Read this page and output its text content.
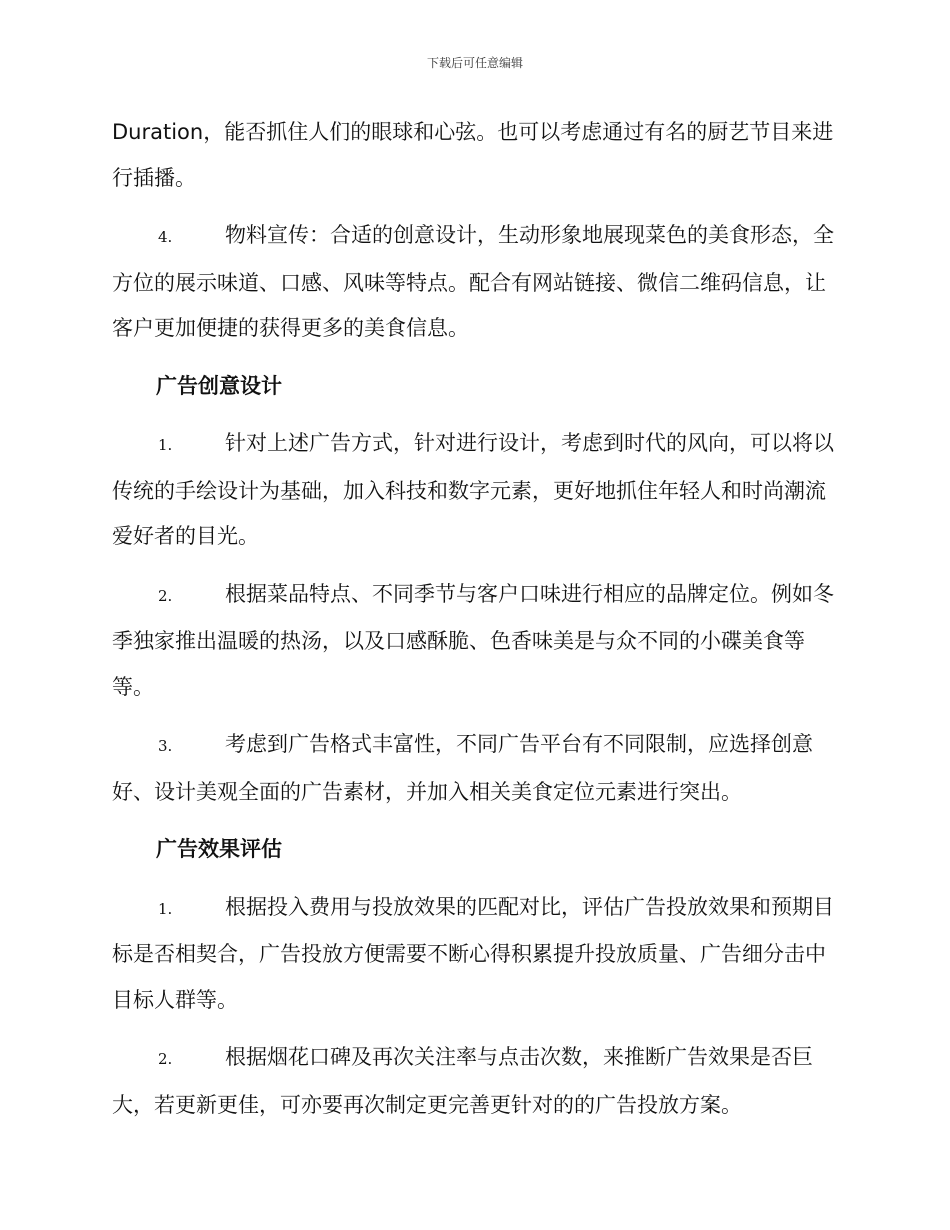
下载后可任意编辑

Duration，能否抓住人们的眼球和心弦。也可以考虑通过有名的厨艺节目来进行插播。

4.	物料宣传：合适的创意设计，生动形象地展现菜色的美食形态，全方位的展示味道、口感、风味等特点。配合有网站链接、微信二维码信息，让客户更加便捷的获得更多的美食信息。

广告创意设计

1.	针对上述广告方式，针对进行设计，考虑到时代的风向，可以将以传统的手绘设计为基础，加入科技和数字元素，更好地抓住年轻人和时尚潮流爱好者的目光。

2.	根据菜品特点、不同季节与客户口味进行相应的品牌定位。例如冬季独家推出温暖的热汤，以及口感酥脆、色香味美是与众不同的小碟美食等等。

3.	考虑到广告格式丰富性，不同广告平台有不同限制，应选择创意好、设计美观全面的广告素材，并加入相关美食定位元素进行突出。

广告效果评估

1.	根据投入费用与投放效果的匹配对比，评估广告投放效果和预期目标是否相契合，广告投放方便需要不断心得积累提升投放质量、广告细分击中目标人群等。

2.	根据烟花口碑及再次关注率与点击次数，来推断广告效果是否巨大，若更新更佳，可亦要再次制定更完善更针对的的广告投放方案。
